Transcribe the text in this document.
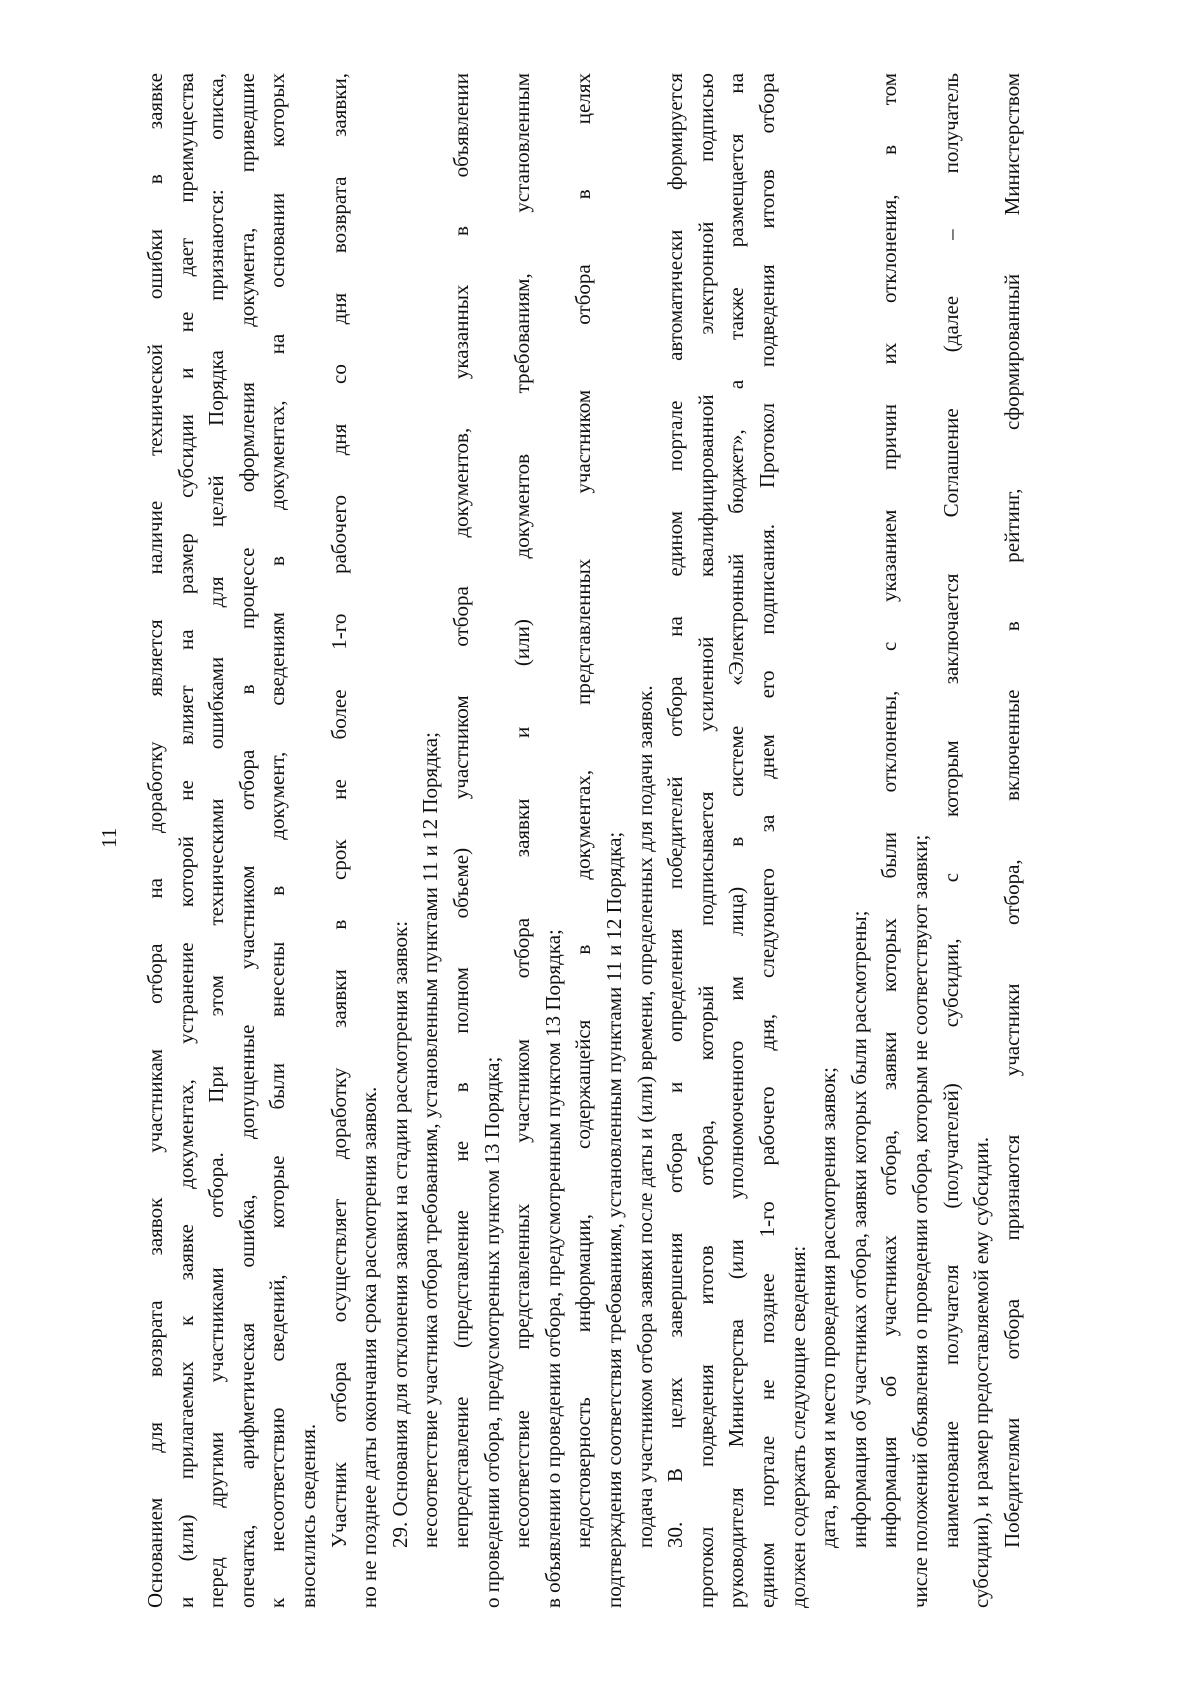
11 Основанием для возврата заявок участникам отбора на доработку является наличие технической ошибки в заявке и (или) прилагаемых к заявке документах, устранение которой не влияет на размер субсидии и не дает преимущества перед другими участниками отбора. При этом техническими ошибками для целей Порядка признаются: описка, опечатка, арифметическая ошибка, допущенные участником отбора в процессе оформления документа, приведшие к несоответствию сведений, которые были внесены в документ, сведениям в документах, на основании которых вносились сведения. Участник отбора осуществляет доработку заявки в срок не более 1-го рабочего дня со дня возврата заявки, но не позднее даты окончания срока рассмотрения заявок. 29. Основания для отклонения заявки на стадии рассмотрения заявок: несоответствие участника отбора требованиям, установленным пунктами 11 и 12 Порядка; непредставление (представление не в полном объеме) участником отбора документов, указанных в объявлении о проведении отбора, предусмотренных пунктом 13 Порядка; несоответствие представленных участником отбора заявки и (или) документов требованиям, установленным в объявлении о проведении отбора, предусмотренным пунктом 13 Порядка; недостоверность информации, содержащейся в документах, представленных участником отбора в целях подтверждения соответствия требованиям, установленным пунктами 11 и 12 Порядка; подача участником отбора заявки после даты и (или) времени, определенных для подачи заявок. 30. В целях завершения отбора и определения победителей отбора на едином портале автоматически формируется протокол подведения итогов отбора, который подписывается усиленной квалифицированной электронной подписью руководителя Министерства (или уполномоченного им лица) в системе «Электронный бюджет», а также размещается на едином портале не позднее 1-го рабочего дня, следующего за днем его подписания. Протокол подведения итогов отбора должен содержать следующие сведения: дата, время и место проведения рассмотрения заявок; информация об участниках отбора, заявки которых были рассмотрены; информация об участниках отбора, заявки которых были отклонены, с указанием причин их отклонения, в том числе положений объявления о проведении отбора, которым не соответствуют заявки; наименование получателя (получателей) субсидии, с которым заключается Соглашение (далее – получатель субсидии), и размер предоставляемой ему субсидии. Победителями отбора признаются участники отбора, включенные в рейтинг, сформированный Министерством
